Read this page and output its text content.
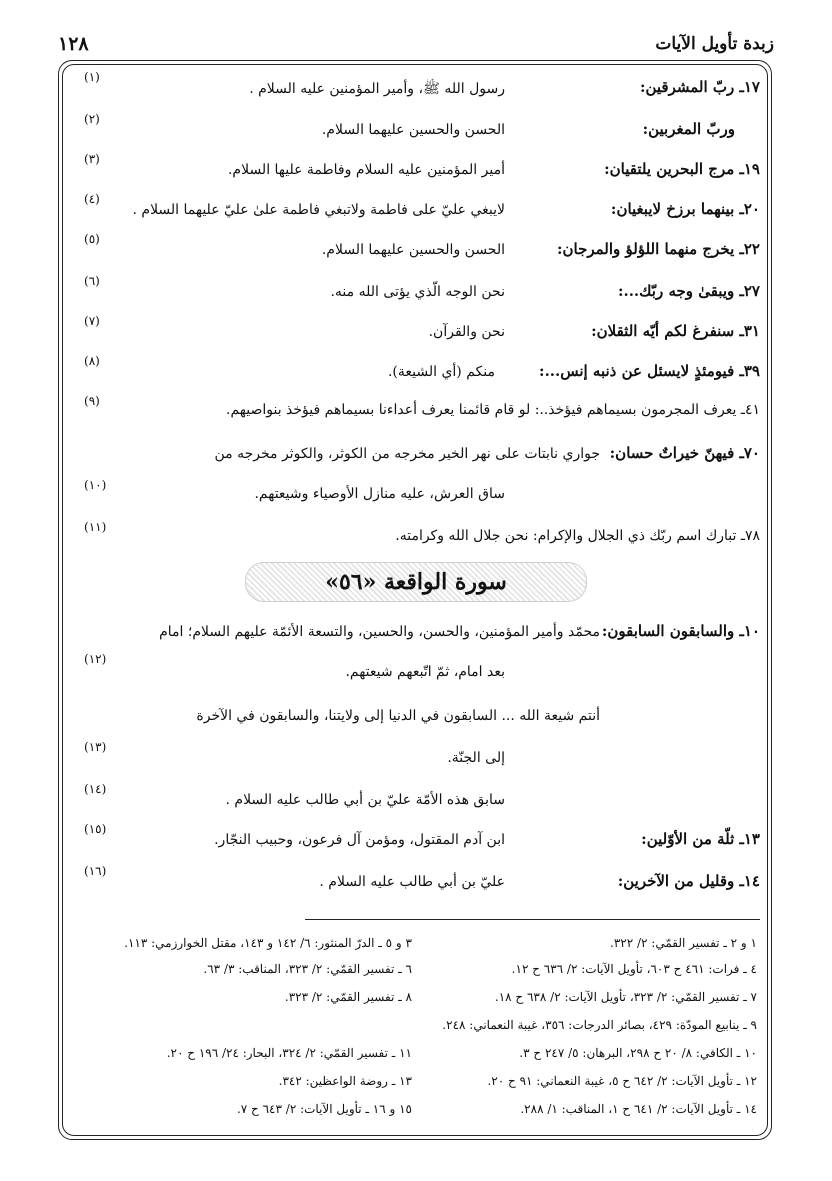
زبدة تأويل الآيات
١٢٨
١٧ـ ربّ المشرقين:
رسول الله ﷺ، وأمير المؤمنين عليه السلام .
(١)
وربّ المغربين:
الحسن والحسين عليهما السلام.
(٢)
١٩ـ مرج البحرين يلتقيان:
أمير المؤمنين عليه السلام وفاطمة عليها السلام.
(٣)
٢٠ـ بينهما برزخ لايبغيان:
لايبغي عليّ على فاطمة ولاتبغي فاطمة علىٰ عليّ عليهما السلام .
(٤)
٢٢ـ يخرج منهما اللؤلؤ والمرجان:
الحسن والحسين عليهما السلام.
(٥)
٢٧ـ ويبقىٰ وجه ربّك...:
نحن الوجه الّذي يؤتى الله منه.
(٦)
٣١ـ سنفرغ لكم أيّه الثقلان:
نحن والقرآن.
(٧)
٣٩ـ فيومئذٍ لايسئل عن ذنبه إنس...:
منكم (أي الشيعة).
(٨)
٤١ـ يعرف المجرمون بسيماهم فيؤخذ..: لو قام قائمنا يعرف أعداءنا بسيماهم فيؤخذ بنواصيهم.
(٩)
٧٠ـ فيهنّ خيراتٌ حسان:
جواري نابتات على نهر الخير مخرجه من الكوثر، والكوثر مخرجه من
ساق العرش، عليه منازل الأوصياء وشيعتهم.
(١٠)
٧٨ـ تبارك اسم ربّك ذي الجلال والإكرام: نحن جلال الله وكرامته.
(١١)
سورة الواقعة «٥٦»
١٠ـ والسابقون السابقون:
محمّد وأمير المؤمنين، والحسن، والحسين، والتسعة الأئمّة عليهم السلام؛ امام
بعد امام، ثمّ اتّبعهم شيعتهم.
(١٢)
أنتم شيعة الله ... السابقون في الدنيا إلى ولايتنا، والسابقون في الآخرة
إلى الجنّة.
(١٣)
سابق هذه الأمّة عليّ بن أبي طالب عليه السلام .
(١٤)
١٣ـ ثلّة من الأوّلين:
ابن آدم المقتول، ومؤمن آل فرعون، وحبيب النجّار.
(١٥)
١٤ـ وقليل من الآخرين:
عليّ بن أبي طالب عليه السلام .
(١٦)
١ و ٢ ـ تفسير القمّي: ٢/ ٣٢٢.
٣ و ٥ ـ الدرّ المنثور: ٦/ ١٤٢ و ١٤٣، مقتل الخوارزمي: ١١٣.
٤ ـ فرات: ٤٦١ ح ٦٠٣، تأويل الآيات: ٢/ ٦٣٦ ح ١٢.
٦ ـ تفسير القمّي: ٢/ ٣٢٣، المناقب: ٣/ ٦٣.
٧ ـ تفسير القمّي: ٢/ ٣٢٣، تأويل الآيات: ٢/ ٦٣٨ ح ١٨.
٨ ـ تفسير القمّي: ٢/ ٣٢٣.
٩ ـ ينابيع المودّة: ٤٢٩، بصائر الدرجات: ٣٥٦، غيبة النعماني: ٢٤٨.
١٠ ـ الكافي: ٨/ ٢٠ ح ٢٩٨، البرهان: ٥/ ٢٤٧ ح ٣.
١١ ـ تفسير القمّي: ٢/ ٣٢٤، البحار: ٢٤/ ١٩٦ ح ٢٠.
١٢ ـ تأويل الآيات: ٢/ ٦٤٢ ح ٥، غيبة النعماني: ٩١ ح ٢٠.
١٣ ـ روضة الواعظين: ٣٤٢.
١٤ ـ تأويل الآيات: ٢/ ٦٤١ ح ١، المناقب: ١/ ٢٨٨.
١٥ و ١٦ ـ تأويل الآيات: ٢/ ٦٤٣ ح ٧.
